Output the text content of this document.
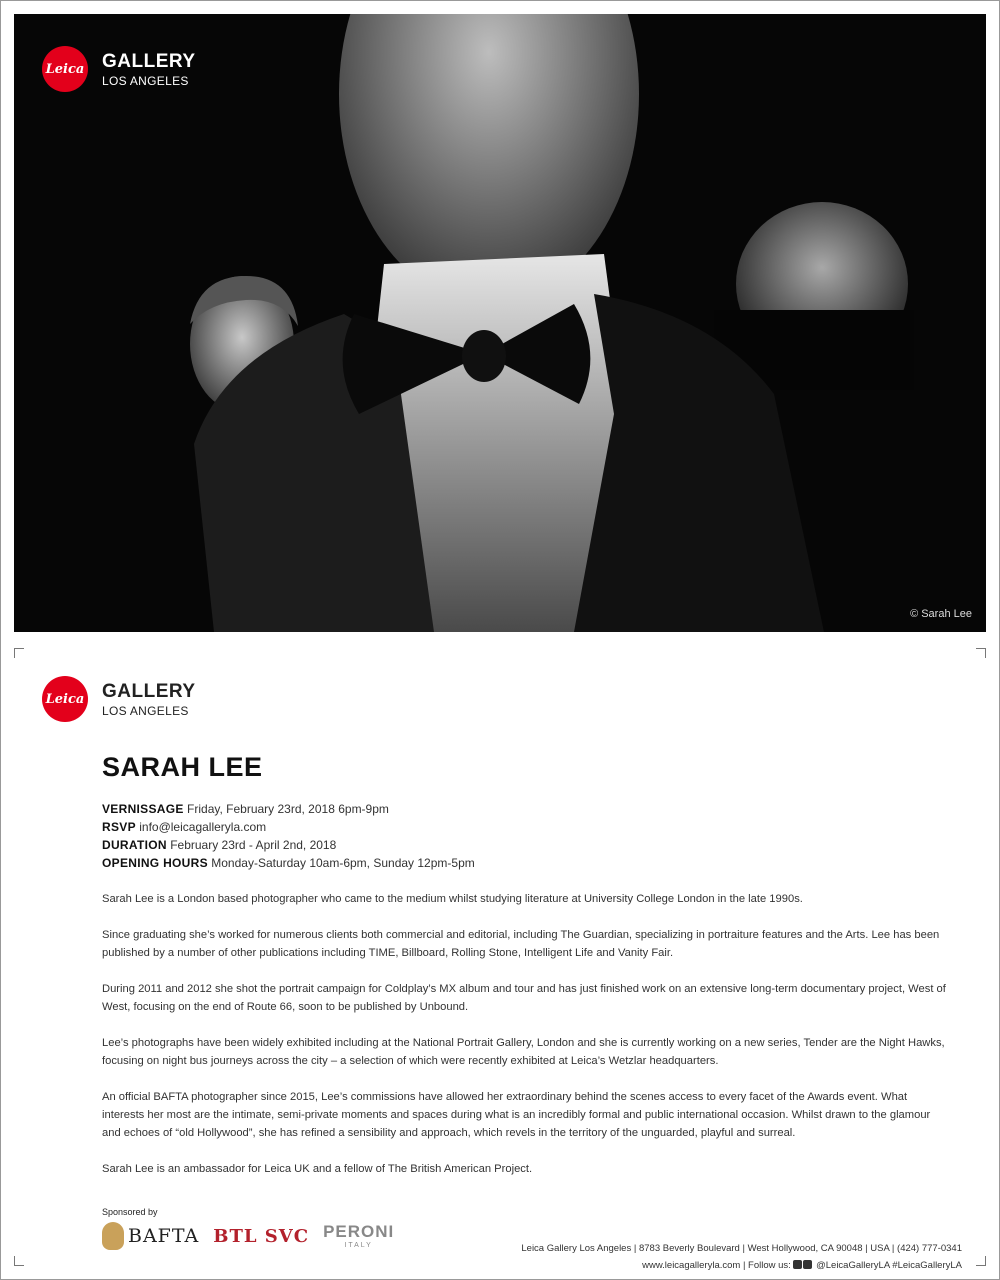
Leica GALLERY
LOS ANGELES
© Sarah Lee
Leica GALLERY
LOS ANGELES
SARAH LEE
VERNISSAGE Friday, February 23rd, 2018 6pm-9pm
RSVP info@leicagalleryla.com
DURATION February 23rd - April 2nd, 2018
OPENING HOURS Monday-Saturday 10am-6pm, Sunday 12pm-5pm

Sarah Lee is a London based photographer who came to the medium whilst studying literature at University College London in the late 1990s.

Since graduating she’s worked for numerous clients both commercial and editorial, including The Guardian, specializing in portraiture features and the Arts. Lee has been published by a number of other publications including TIME, Billboard, Rolling Stone, Intelligent Life and Vanity Fair.

During 2011 and 2012 she shot the portrait campaign for Coldplay’s MX album and tour and has just finished work on an extensive long-term documentary project, West of West, focusing on the end of Route 66, soon to be published by Unbound.

Lee’s photographs have been widely exhibited including at the National Portrait Gallery, London and she is currently working on a new series, Tender are the Night Hawks, focusing on night bus journeys across the city – a selection of which were recently exhibited at Leica’s Wetzlar headquarters.

An official BAFTA photographer since 2015, Lee’s commissions have allowed her extraordinary behind the scenes access to every facet of the Awards event. What interests her most are the intimate, semi-private moments and spaces during what is an incredibly formal and public international occasion. Whilst drawn to the glamour and echoes of “old Hollywood”, she has refined a sensibility and approach, which revels in the territory of the unguarded, playful and surreal.

Sarah Lee is an ambassador for Leica UK and a fellow of The British American Project.

Sponsored by
BAFTA BTL SVC PERONI
ITALY	Leica Gallery Los Angeles | 8783 Beverly Boulevard | West Hollywood, CA 90048 | USA | (424) 777-0341
www.leicagalleryla.com | Follow us:	@LeicaGalleryLA #LeicaGalleryLA
